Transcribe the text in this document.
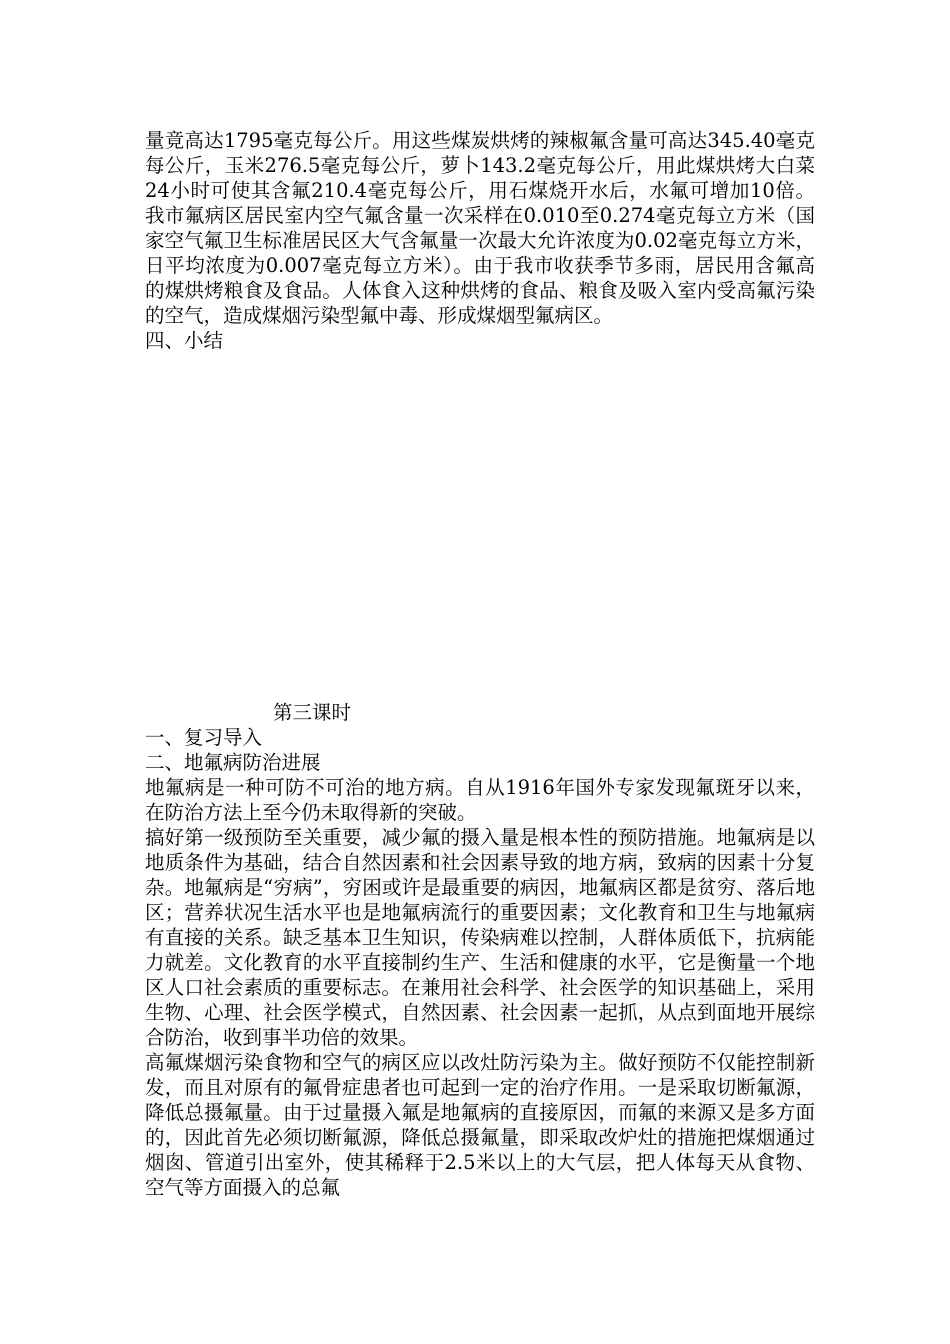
量竟高达1795毫克每公斤。用这些煤炭烘烤的辣椒氟含量可高达345.40毫克每公斤，玉米276.5毫克每公斤，萝卜143.2毫克每公斤，用此煤烘烤大白菜24小时可使其含氟210.4毫克每公斤，用石煤烧开水后，水氟可增加10倍。我市氟病区居民室内空气氟含量一次采样在0.010至0.274毫克每立方米（国家空气氟卫生标准居民区大气含氟量一次最大允许浓度为0.02毫克每立方米，日平均浓度为0.007毫克每立方米）。由于我市收获季节多雨，居民用含氟高的煤烘烤粮食及食品。人体食入这种烘烤的食品、粮食及吸入室内受高氟污染的空气，造成煤烟污染型氟中毒、形成煤烟型氟病区。

四、小结

第三课时

一、复习导入

二、地氟病防治进展

地氟病是一种可防不可治的地方病。自从1916年国外专家发现氟斑牙以来，在防治方法上至今仍未取得新的突破。

搞好第一级预防至关重要，减少氟的摄入量是根本性的预防措施。地氟病是以地质条件为基础，结合自然因素和社会因素导致的地方病，致病的因素十分复杂。地氟病是“穷病”，穷困或许是最重要的病因，地氟病区都是贫穷、落后地区；营养状况生活水平也是地氟病流行的重要因素；文化教育和卫生与地氟病有直接的关系。缺乏基本卫生知识，传染病难以控制，人群体质低下，抗病能力就差。文化教育的水平直接制约生产、生活和健康的水平，它是衡量一个地区人口社会素质的重要标志。在兼用社会科学、社会医学的知识基础上，采用生物、心理、社会医学模式，自然因素、社会因素一起抓，从点到面地开展综合防治，收到事半功倍的效果。

高氟煤烟污染食物和空气的病区应以改灶防污染为主。做好预防不仅能控制新发，而且对原有的氟骨症患者也可起到一定的治疗作用。一是采取切断氟源，降低总摄氟量。由于过量摄入氟是地氟病的直接原因，而氟的来源又是多方面的，因此首先必须切断氟源，降低总摄氟量，即采取改炉灶的措施把煤烟通过烟囱、管道引出室外，使其稀释于2.5米以上的大气层，把人体每天从食物、空气等方面摄入的总氟
